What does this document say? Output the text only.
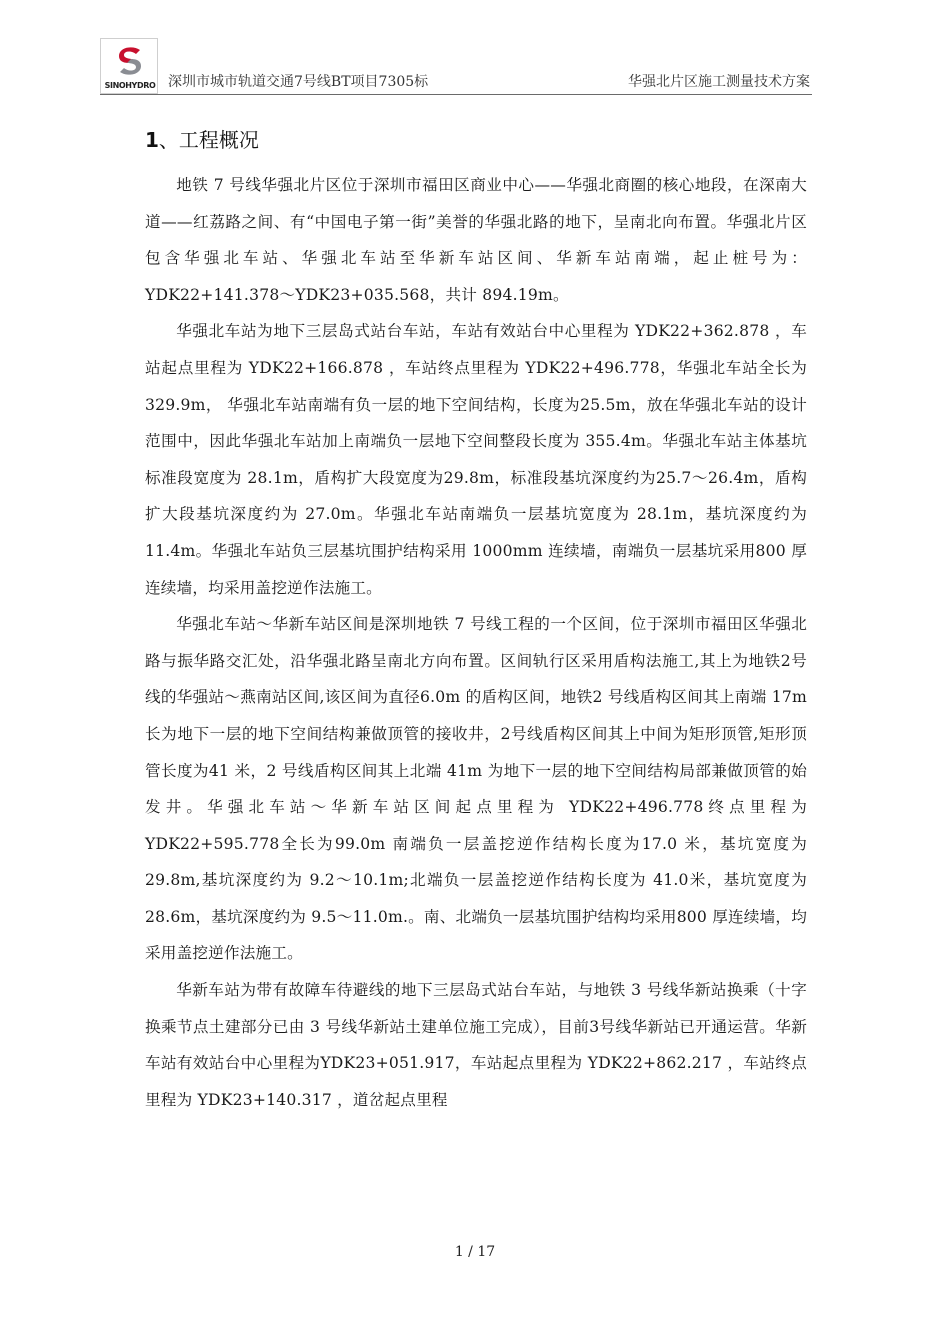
SINOHYDRO 深圳市城市轨道交通7号线BT项目7305标	华强北片区施工测量技术方案
1、工程概况

地铁 7 号线华强北片区位于深圳市福田区商业中心——华强北商圈的核心地段，在深南大道——红荔路之间、有“中国电子第一街”美誉的华强北路的地下，呈南北向布置。华强北片区包含华强北车站、华强北车站至华新车站区间、华新车站南端，起止桩号为：YDK22+141.378～YDK23+035.568，共计 894.19m。

华强北车站为地下三层岛式站台车站，车站有效站台中心里程为 YDK22+362.878 ，车站起点里程为 YDK22+166.878 ，车站终点里程为 YDK22+496.778，华强北车站全长为 329.9m， 华强北车站南端有负一层的地下空间结构，长度为25.5m，放在华强北车站的设计范围中，因此华强北车站加上南端负一层地下空间整段长度为 355.4m。华强北车站主体基坑标准段宽度为 28.1m，盾构扩大段宽度为29.8m，标准段基坑深度约为25.7～26.4m，盾构扩大段基坑深度约为 27.0m。华强北车站南端负一层基坑宽度为 28.1m，基坑深度约为 11.4m。华强北车站负三层基坑围护结构采用 1000mm 连续墙，南端负一层基坑采用800 厚连续墙，均采用盖挖逆作法施工。

华强北车站～华新车站区间是深圳地铁 7 号线工程的一个区间，位于深圳市福田区华强北路与振华路交汇处，沿华强北路呈南北方向布置。区间轨行区采用盾构法施工,其上为地铁2号线的华强站～燕南站区间,该区间为直径6.0m 的盾构区间，地铁2 号线盾构区间其上南端 17m 长为地下一层的地下空间结构兼做顶管的接收井，2号线盾构区间其上中间为矩形顶管,矩形顶管长度为41 米，2 号线盾构区间其上北端 41m 为地下一层的地下空间结构局部兼做顶管的始发井。华强北车站～华新车站区间起点里程为 YDK22+496.778终点里程为YDK22+595.778全长为99.0m 南端负一层盖挖逆作结构长度为17.0 米，基坑宽度为 29.8m,基坑深度约为 9.2～10.1m;北端负一层盖挖逆作结构长度为 41.0米，基坑宽度为 28.6m，基坑深度约为 9.5～11.0m.。南、北端负一层基坑围护结构均采用800 厚连续墙，均采用盖挖逆作法施工。

华新车站为带有故障车待避线的地下三层岛式站台车站，与地铁 3 号线华新站换乘（十字换乘节点土建部分已由 3 号线华新站土建单位施工完成），目前3号线华新站已开通运营。华新车站有效站台中心里程为YDK23+051.917，车站起点里程为 YDK22+862.217 ，车站终点里程为 YDK23+140.317 ，道岔起点里程

1 / 17
